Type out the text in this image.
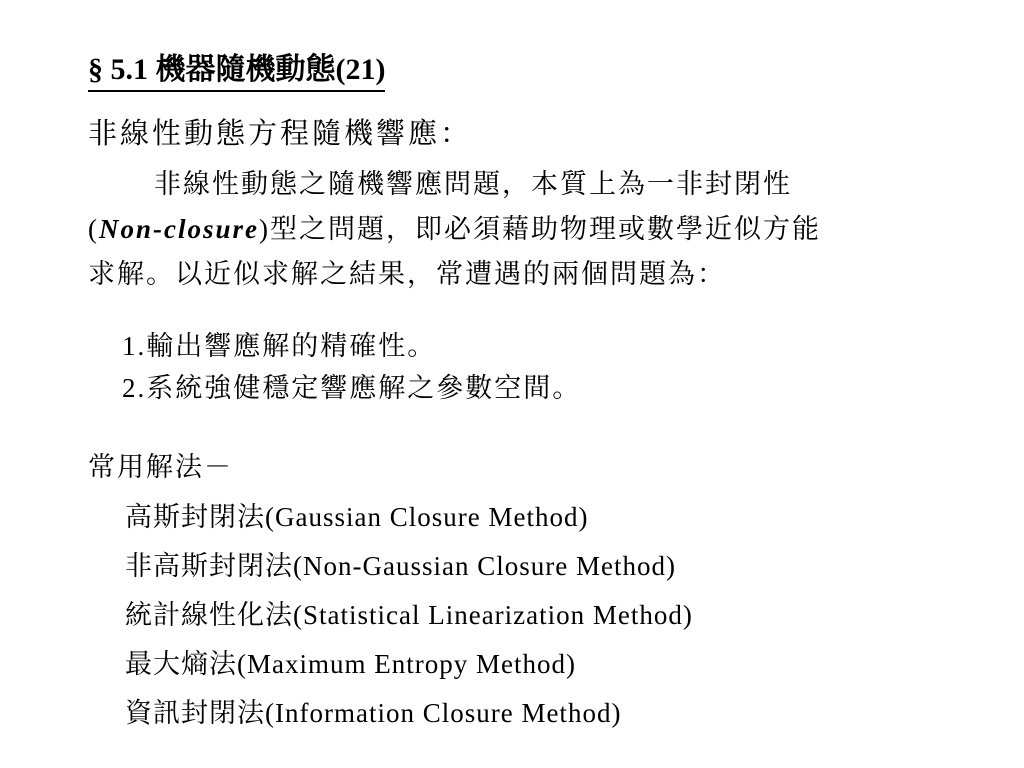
§ 5.1 機器隨機動態(21)
非線性動態方程隨機響應：
非線性動態之隨機響應問題，本質上為一非封閉性
(Non-closure)型之問題，即必須藉助物理或數學近似方能
求解。以近似求解之結果，常遭遇的兩個問題為：
1.輸出響應解的精確性。
2.系統強健穩定響應解之參數空間。
常用解法－
高斯封閉法(Gaussian Closure Method)
非高斯封閉法(Non-Gaussian Closure Method)
統計線性化法(Statistical Linearization Method)
最大熵法(Maximum Entropy Method)
資訊封閉法(Information Closure Method)
